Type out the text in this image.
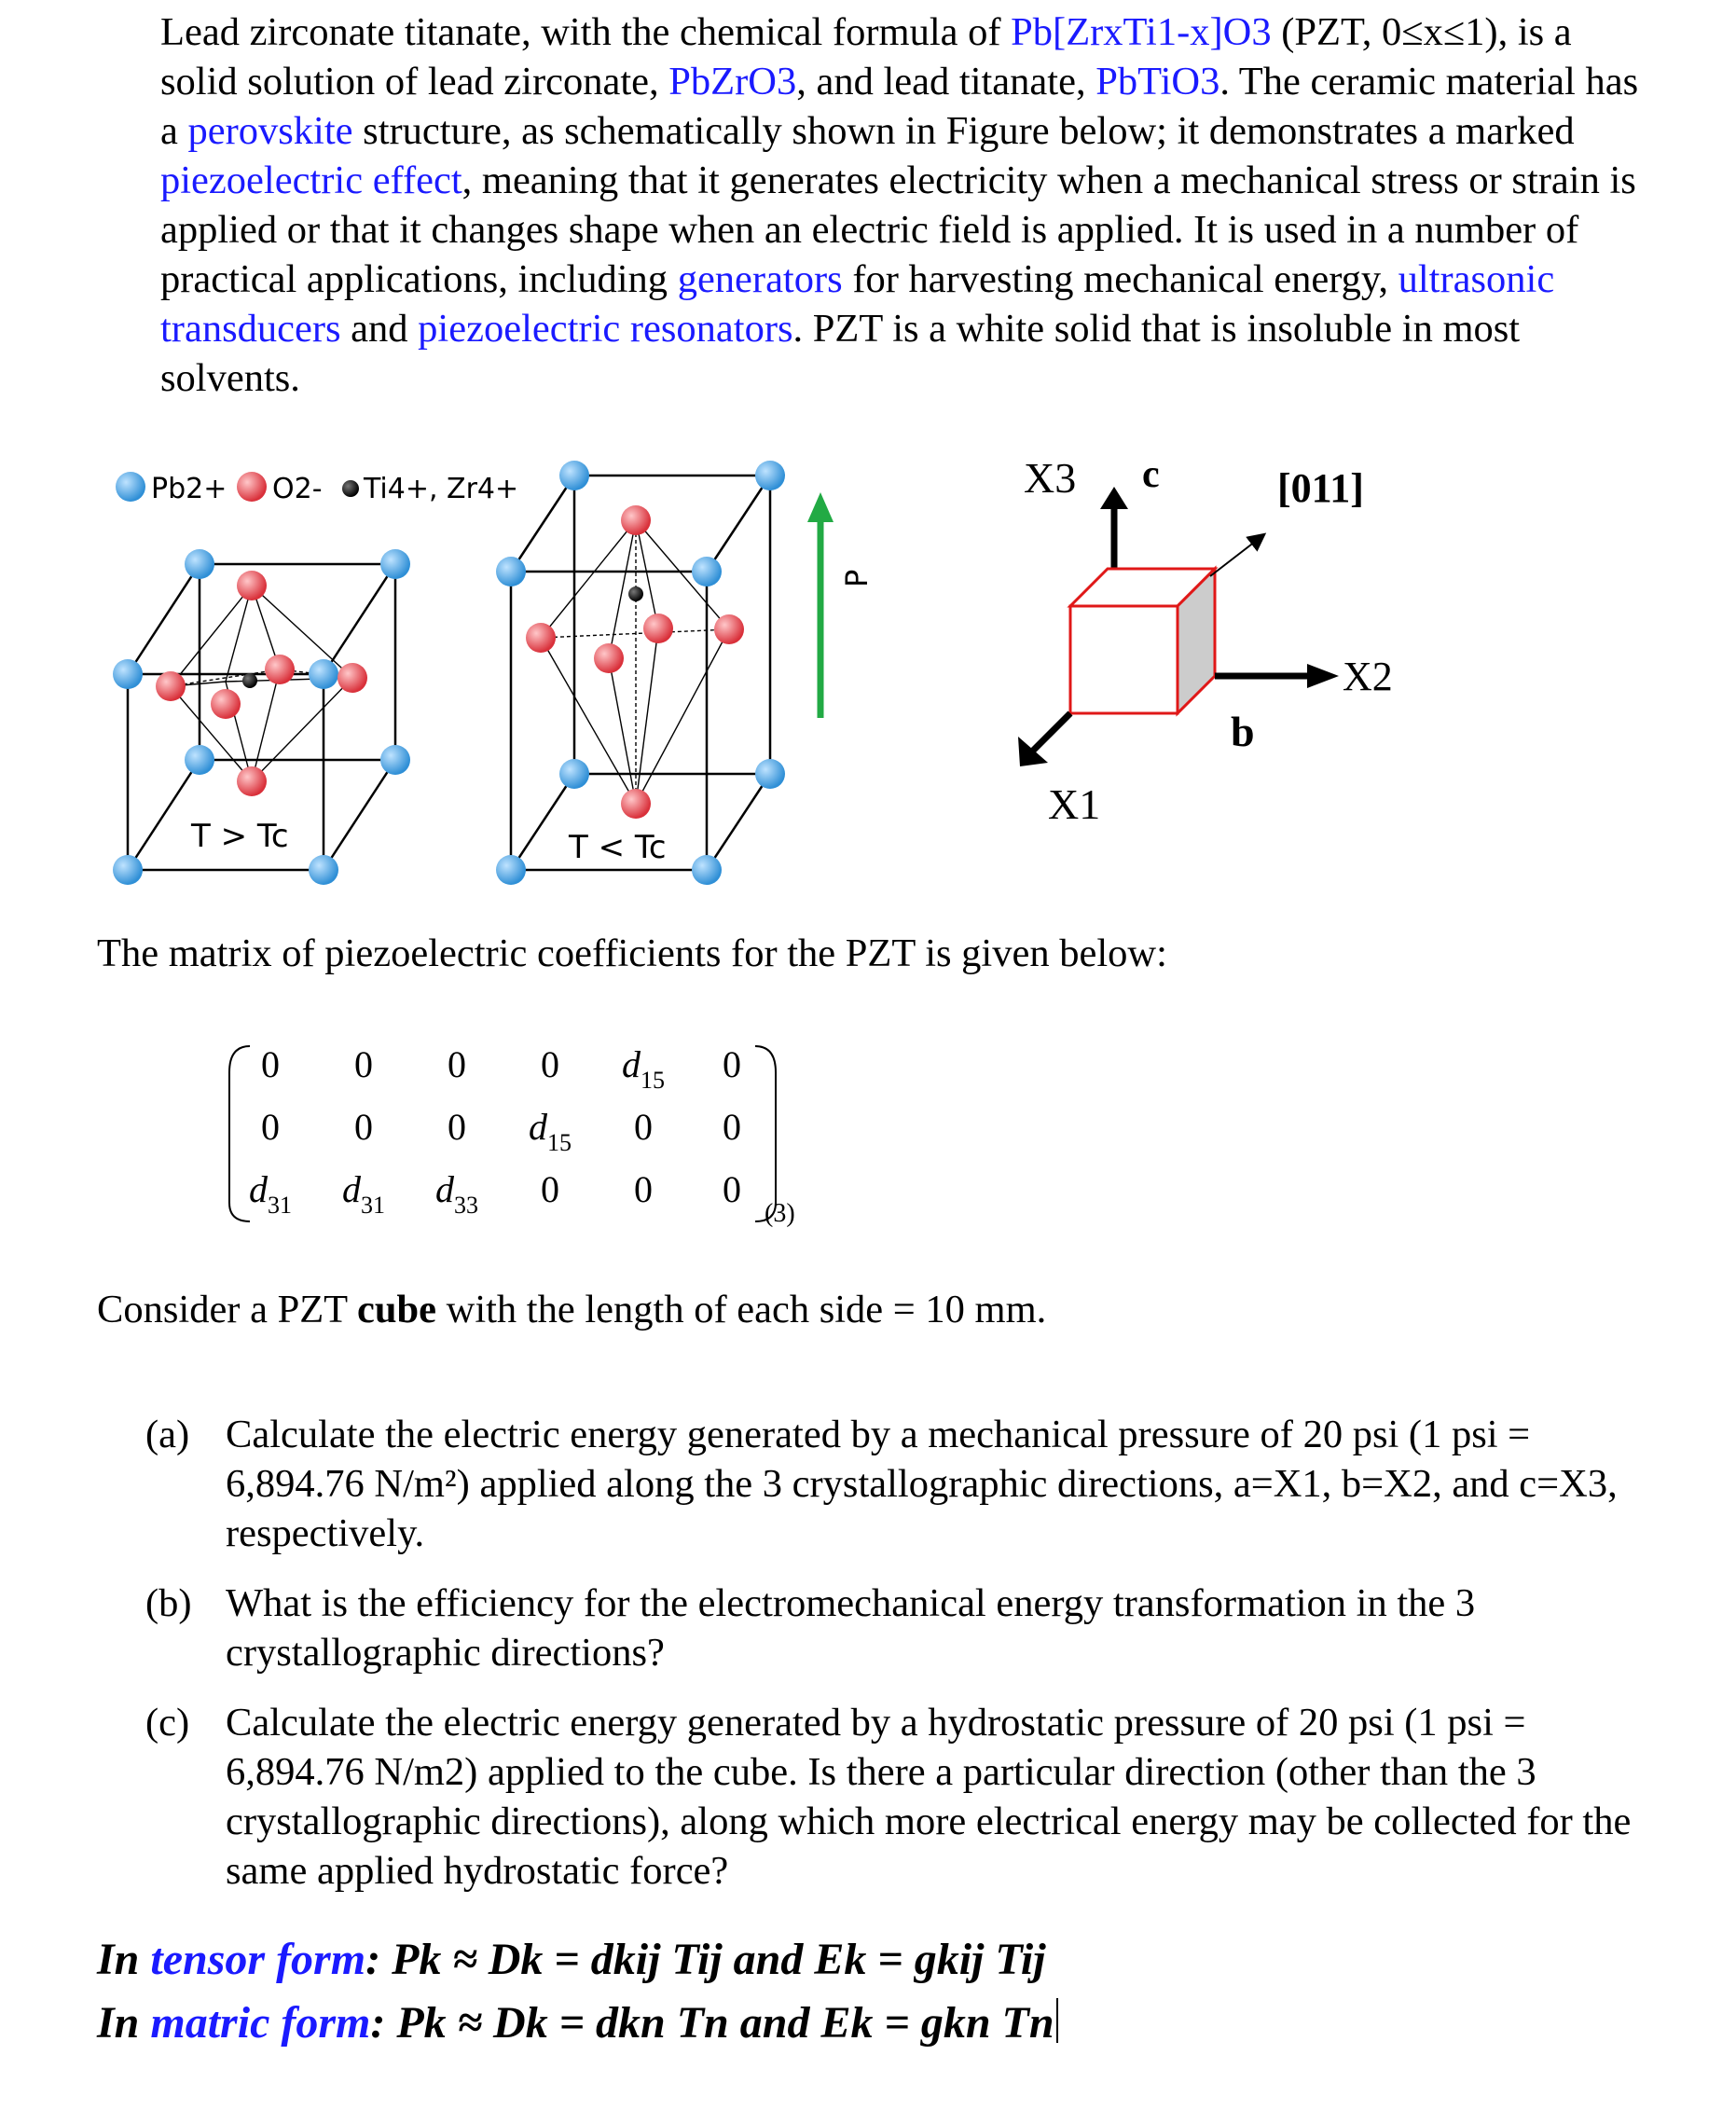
Lead zirconate titanate, with the chemical formula of Pb[ZrxTi1-x]O3 (PZT, 0≤x≤1), is a solid solution of lead zirconate, PbZrO3, and lead titanate, PbTiO3. The ceramic material has a perovskite structure, as schematically shown in Figure below; it demonstrates a marked piezoelectric effect, meaning that it generates electricity when a mechanical stress or strain is applied or that it changes shape when an electric field is applied. It is used in a number of practical applications, including generators for harvesting mechanical energy, ultrasonic transducers and piezoelectric resonators. PZT is a white solid that is insoluble in most solvents.

Pb2+ O2- Ti4+, Zr4+
T > Tc	T < Tc
P
X3 c	[011]
X2
b
X1
The matrix of piezoelectric coefficients for the PZT is given below:
0 0 0 0 $d_{15}$ 0
0 0 0 $d_{15}$ 0 0
$d_{31}$ $d_{31}$ $d_{33}$ 0 0 0
(3)
Consider a PZT cube with the length of each side = 10 mm.
(a) Calculate the electric energy generated by a mechanical pressure of 20 psi (1 psi = 6,894.76 N/m²) applied along the 3 crystallographic directions, a=X1, b=X2, and c=X3, respectively.
(b) What is the efficiency for the electromechanical energy transformation in the 3 crystallographic directions?
(c) Calculate the electric energy generated by a hydrostatic pressure of 20 psi (1 psi = 6,894.76 N/m2) applied to the cube. Is there a particular direction (other than the 3 crystallographic directions), along which more electrical energy may be collected for the same applied hydrostatic force?
In tensor form: Pk ≈ Dk = dkij Tij and Ek = gkij Tij
In matric form: Pk ≈ Dk = dkn Tn and Ek = gkn Tn
